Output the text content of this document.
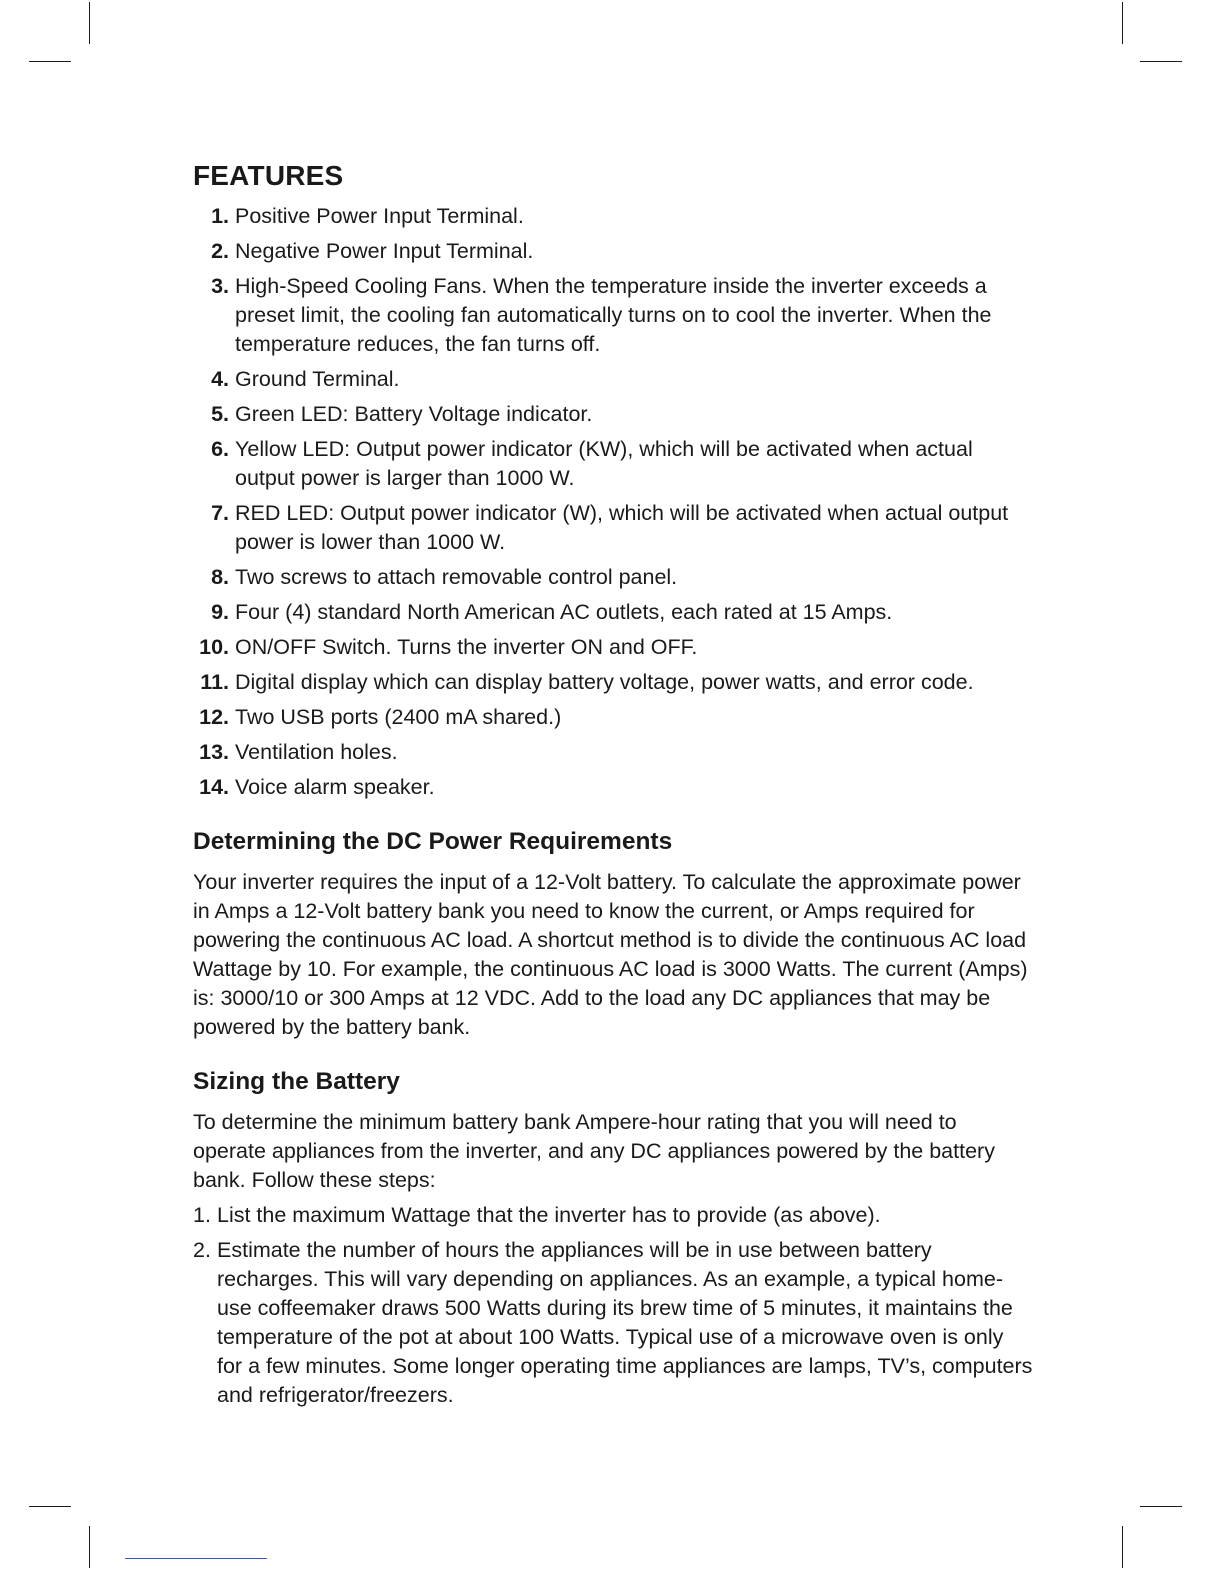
FEATURES
1. Positive Power Input Terminal.
2. Negative Power Input Terminal.
3. High-Speed Cooling Fans. When the temperature inside the inverter exceeds a preset limit, the cooling fan automatically turns on to cool the inverter. When the temperature reduces, the fan turns off.
4. Ground Terminal.
5. Green LED: Battery Voltage indicator.
6. Yellow LED: Output power indicator (KW), which will be activated when actual output power is larger than 1000 W.
7. RED LED: Output power indicator (W), which will be activated when actual output power is lower than 1000 W.
8. Two screws to attach removable control panel.
9. Four (4) standard North American AC outlets, each rated at 15 Amps.
10. ON/OFF Switch. Turns the inverter ON and OFF.
11. Digital display which can display battery voltage, power watts, and error code.
12. Two USB ports (2400 mA shared.)
13. Ventilation holes.
14. Voice alarm speaker.
Determining the DC Power Requirements

Your inverter requires the input of a 12-Volt battery. To calculate the approximate power in Amps a 12-Volt battery bank you need to know the current, or Amps required for powering the continuous AC load. A shortcut method is to divide the continuous AC load Wattage by 10. For example, the continuous AC load is 3000 Watts. The current (Amps) is: 3000/10 or 300 Amps at 12 VDC. Add to the load any DC appliances that may be powered by the battery bank.

Sizing the Battery

To determine the minimum battery bank Ampere-hour rating that you will need to operate appliances from the inverter, and any DC appliances powered by the battery bank. Follow these steps:

1. List the maximum Wattage that the inverter has to provide (as above).
2. Estimate the number of hours the appliances will be in use between battery recharges. This will vary depending on appliances. As an example, a typical home-use coffeemaker draws 500 Watts during its brew time of 5 minutes, it maintains the temperature of the pot at about 100 Watts. Typical use of a microwave oven is only for a few minutes. Some longer operating time appliances are lamps, TV’s, computers and refrigerator/freezers.
